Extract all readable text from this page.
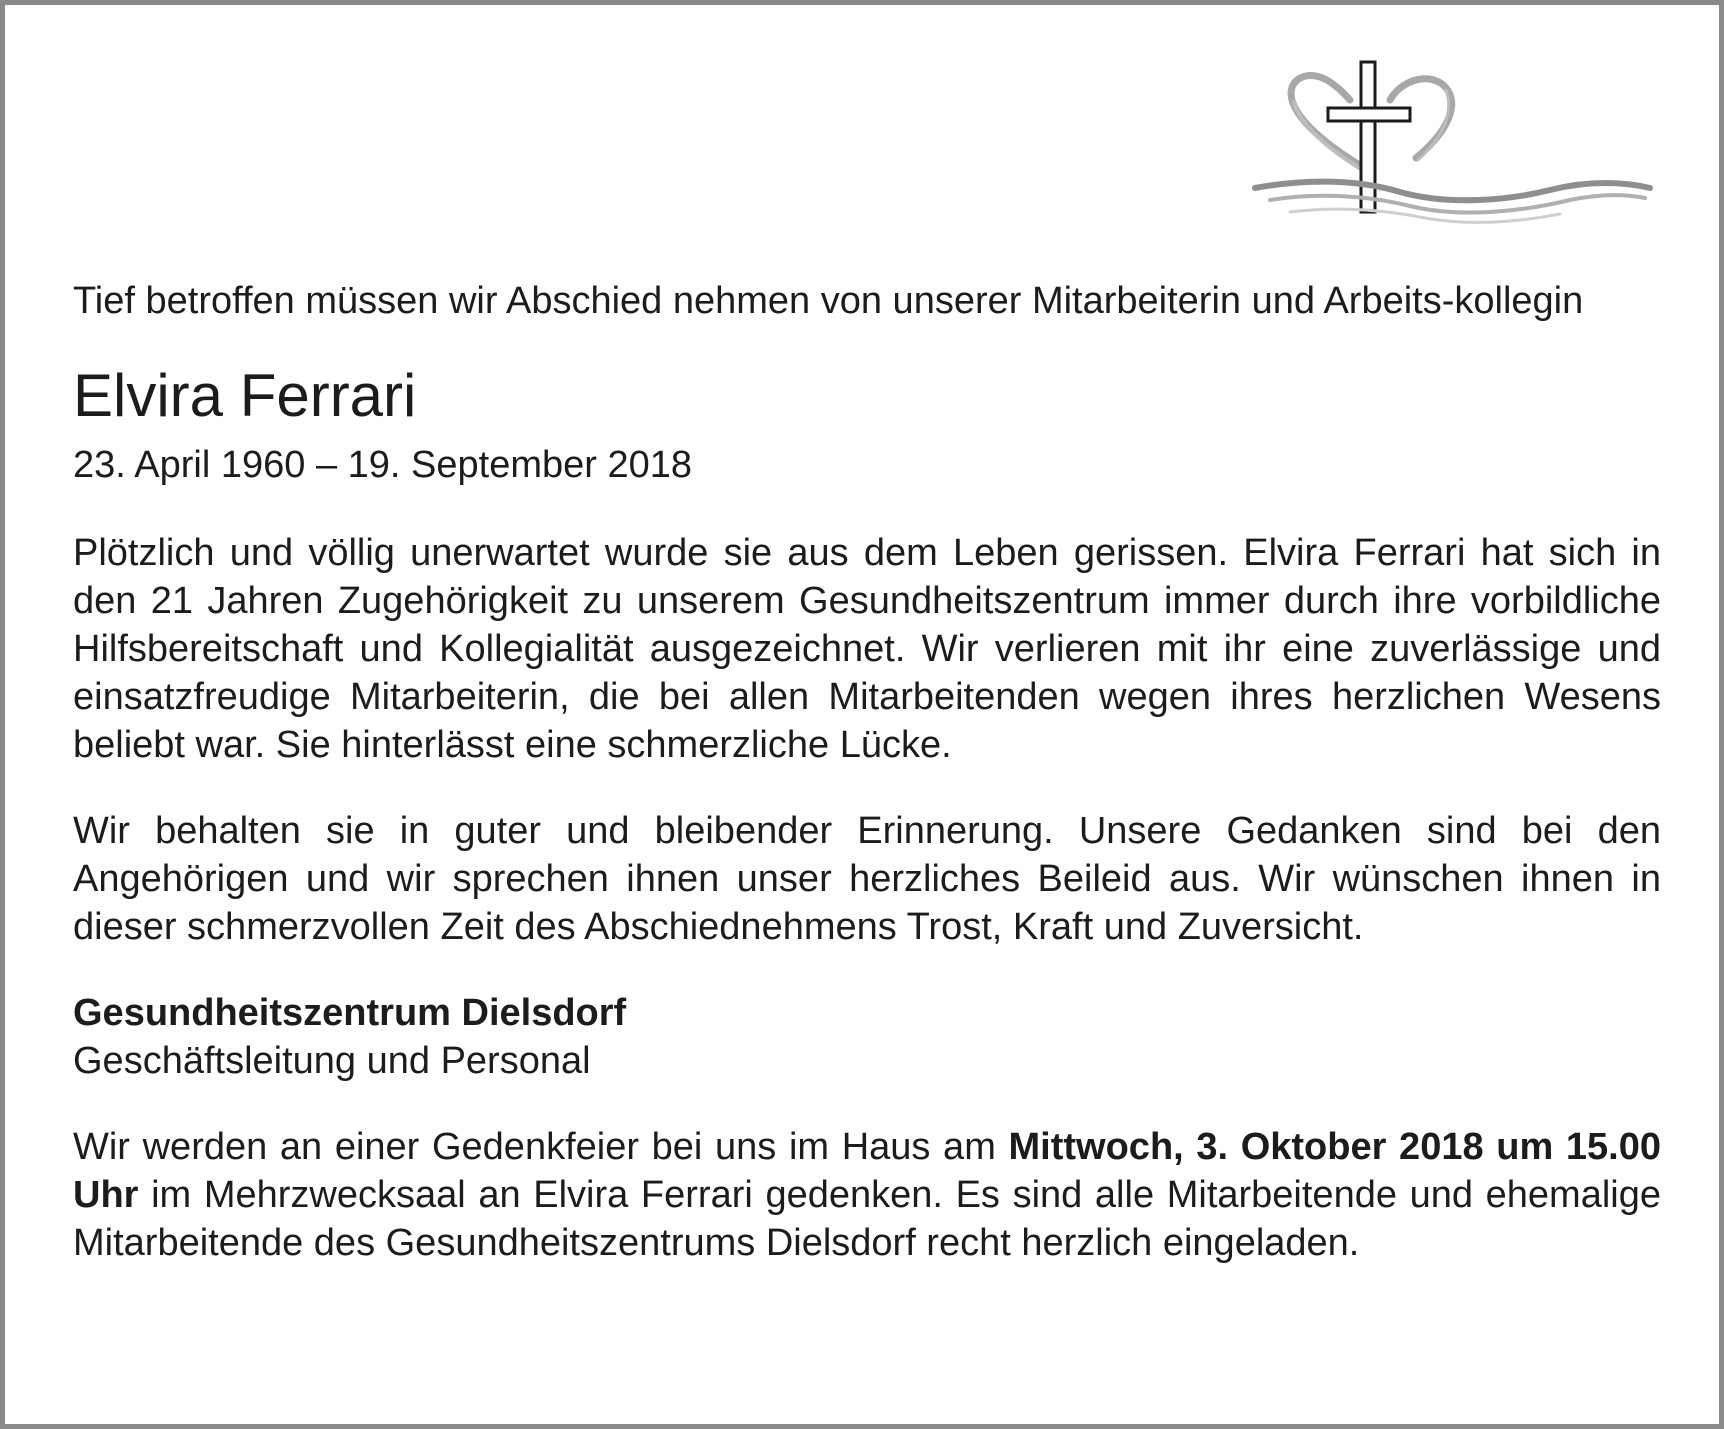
Tief betroffen müssen wir Abschied nehmen von unserer Mitarbeiterin und Arbeits-kollegin

Elvira Ferrari

23. April 1960 – 19. September 2018

Plötzlich und völlig unerwartet wurde sie aus dem Leben gerissen. Elvira Ferrari hat sich in den 21 Jahren Zugehörigkeit zu unserem Gesundheitszentrum immer durch ihre vorbildliche Hilfsbereitschaft und Kollegialität ausgezeichnet. Wir verlieren mit ihr eine zuverlässige und einsatzfreudige Mitarbeiterin, die bei allen Mitarbeitenden wegen ihres herzlichen Wesens beliebt war. Sie hinterlässt eine schmerzliche Lücke.

Wir behalten sie in guter und bleibender Erinnerung. Unsere Gedanken sind bei den Angehörigen und wir sprechen ihnen unser herzliches Beileid aus. Wir wünschen ihnen in dieser schmerzvollen Zeit des Abschiednehmens Trost, Kraft und Zuversicht.

Gesundheitszentrum Dielsdorf

Geschäftsleitung und Personal

Wir werden an einer Gedenkfeier bei uns im Haus am Mittwoch, 3. Oktober 2018 um 15.00 Uhr im Mehrzwecksaal an Elvira Ferrari gedenken. Es sind alle Mitarbeitende und ehemalige Mitarbeitende des Gesundheitszentrums Dielsdorf recht herzlich eingeladen.
